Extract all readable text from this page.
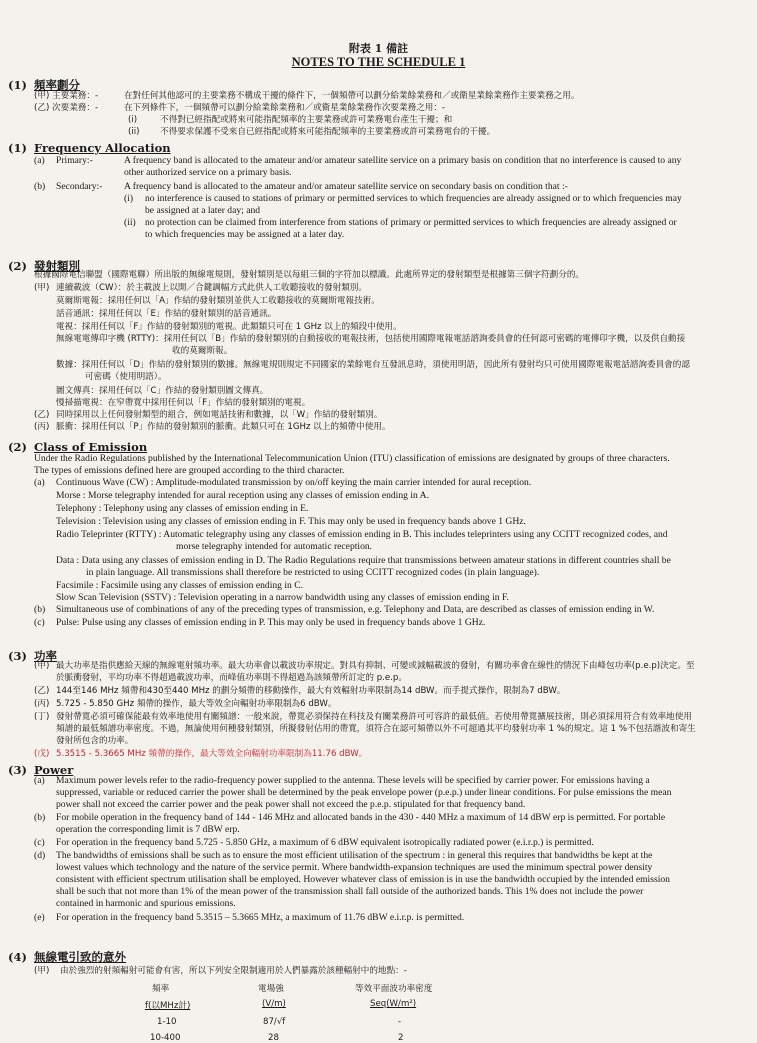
附表 1 備註
NOTES TO THE SCHEDULE 1
(1) 頻率劃分
(甲) 主要業務：-	在對任何其他認可的主要業務不構成干擾的條件下，一個頻帶可以劃分給業餘業務和／或衛星業餘業務作主要業務之用。
(乙) 次要業務：-	在下列條件下，一個頻帶可以劃分給業餘業務和／或衛星業餘業務作次要業務之用：-
(i)	不得對已經指配或將來可能指配頻率的主要業務或許可業務電台產生干擾；和
(ii) 不得要求保護不受來自已經指配或將來可能指配頻率的主要業務或許可業務電台的干擾。
(1) Frequency Allocation
(a) Primary:-	A frequency band is allocated to the amateur and/or amateur satellite service on a primary basis on condition that no interference is caused to any
other authorized service on a primary basis.
(b) Secondary:- A frequency band is allocated to the amateur and/or amateur satellite service on secondary basis on condition that :-
(i) no interference is caused to stations of primary or permitted services to which frequencies are already assigned or to which frequencies may
be assigned at a later day; and
(ii) no protection can be claimed from interference from stations of primary or permitted services to which frequencies are already assigned or
to which frequencies may be assigned at a later day.
(2) 發射類別
根據國際電信聯盟（國際電聯）所出版的無線電規則，發射類別是以每組三個的字符加以標識。此處所界定的發射類型是根據第三個字符劃分的。
(甲) 連續載波（CW）：於主載波上以開／合鍵調幅方式此供人工收聽接收的發射類別。
莫爾斯電報：採用任何以「A」作結的發射類別並供人工收聽接收的莫爾斯電報技術。
話音通訊：採用任何以「E」作結的發射類別的話音通訊。
電視：採用任何以「F」作結的發射類別的電視。此類類只可在 1 GHz 以上的頻段中使用。
無線電電傳印字機 (RTTY)：採用任何以「B」作結的發射類別的自動接收的電報技術，包括使用國際電報電話諮詢委員會的任何認可密碼的電傳印字機，以及供自動接
收的莫爾斯報。
數據：採用任何以「D」作結的發射類別的數據。無線電規則規定不同國家的業餘電台互發訊息時，須使用明語，因此所有發射均只可使用國際電報電話諮詢委員會的認
可密碼（使用明語）。
圖文傳真：採用任何以「C」作結的發射類別圖文傳真。
慢掃描電視：在窄帶寬中採用任何以「F」作結的發射類別的電視。
(乙) 同時採用以上任何發射類型的組合，例如電話技術和數據，以「W」作結的發射類別。
(丙) 脈衝：採用任何以「P」作結的發射類別的脈衝。此類只可在 1GHz 以上的頻帶中使用。
(2) Class of Emission
Under the Radio Regulations published by the International Telecommunication Union (ITU) classification of emissions are designated by groups of three characters.
The types of emissions defined here are grouped according to the third character.
(a) Continuous Wave (CW) : Amplitude-modulated transmission by on/off keying the main carrier intended for aural reception.
Morse : Morse telegraphy intended for aural reception using any classes of emission ending in A.
Telephony : Telephony using any classes of emission ending in E.
Television : Television using any classes of emission ending in F. This may only be used in frequency bands above 1 GHz.
Radio Teleprinter (RTTY) : Automatic telegraphy using any classes of emission ending in B. This includes teleprinters using any CCITT recognized codes, and
morse telegraphy intended for automatic reception.
Data : Data using any classes of emission ending in D. The Radio Regulations require that transmissions between amateur stations in different countries shall be
in plain language. All transmissions shall therefore be restricted to using CCITT recognized codes (in plain language).
Facsimile : Facsimile using any classes of emission ending in C.
Slow Scan Television (SSTV) : Television operating in a narrow bandwidth using any classes of emission ending in F.
(b) Simultaneous use of combinations of any of the preceding types of transmission, e.g. Telephony and Data, are described as classes of emission ending in W.
(c) Pulse: Pulse using any classes of emission ending in P. This may only be used in frequency bands above 1 GHz.
(3) 功率
(甲) 最大功率是指供應給天線的無線電射頻功率。最大功率會以載波功率規定。對具有抑制、可變或減幅載波的發射，有關功率會在線性的情況下由峰包功率(p.e.p)決定。至
於脈衝發射，平均功率不得超過載波功率，而峰值功率則不得超過為該頻帶所訂定的 p.e.p。
(乙) 144至146 MHz 頻帶和430至440 MHz 的劃分頻帶的移動操作，最大有效輻射功率限制為14 dBW。而手提式操作，限制為7 dBW。
(丙) 5.725 - 5.850 GHz 頻帶的操作，最大等效全向輻射功率限制為6 dBW。
(丁) 發射帶寬必須可確保能最有效率地使用有關頻譜：一般來說，帶寬必須保持在科技及有關業務許可可容許的最低值。若使用帶寬擴展技術，則必須採用符合有效率地使用
頻譜的最低頻譜功率密度。不過，無論使用何種發射類別，所擬發射佔用的帶寬，須符合在認可頻帶以外不可超過其平均發射功率 1 %的規定。這 1 %不包括諧波和寄生
發射所包含的功率。
(戊) 5.3515 - 5.3665 MHz 頻帶的操作，最大等效全向輻射功率限制為11.76 dBW。
(3) Power
(a) Maximum power levels refer to the radio-frequency power supplied to the antenna. These levels will be specified by carrier power. For emissions having a
suppressed, variable or reduced carrier the power shall be determined by the peak envelope power (p.e.p.) under linear conditions. For pulse emissions the mean
power shall not exceed the carrier power and the peak power shall not exceed the p.e.p. stipulated for that frequency band.
(b) For mobile operation in the frequency band of 144 - 146 MHz and allocated bands in the 430 - 440 MHz a maximum of 14 dBW erp is permitted. For portable
operation the corresponding limit is 7 dBW erp.
(c) For operation in the frequency band 5.725 - 5.850 GHz, a maximum of 6 dBW equivalent isotropically radiated power (e.i.r.p.) is permitted.
(d) The bandwidths of emissions shall be such as to ensure the most efficient utilisation of the spectrum : in general this requires that bandwidths be kept at the
lowest values which technology and the nature of the service permit. Where bandwidth-expansion techniques are used the minimum spectral power density
consistent with efficient spectrum utilisation shall be employed. However whatever class of emission is in use the bandwidth occupied by the intended emission
shall be such that not more than 1% of the mean power of the transmission shall fall outside of the authorized bands. This 1% does not include the power
contained in harmonic and spurious emissions.
(e) For operation in the frequency band 5.3515 – 5.3665 MHz, a maximum of 11.76 dBW e.i.r.p. is permitted.
(4) 無線電引致的意外
(甲) 由於強烈的射頻輻射可能會有害，所以下列安全限制適用於人們暴露於該種輻射中的地點：-
頻率	電場強	等效平面波功率密度
f(以MHz計)	(V/m)	Seq(W/m²)
1-10	87/√f	-
10-400	28	2
